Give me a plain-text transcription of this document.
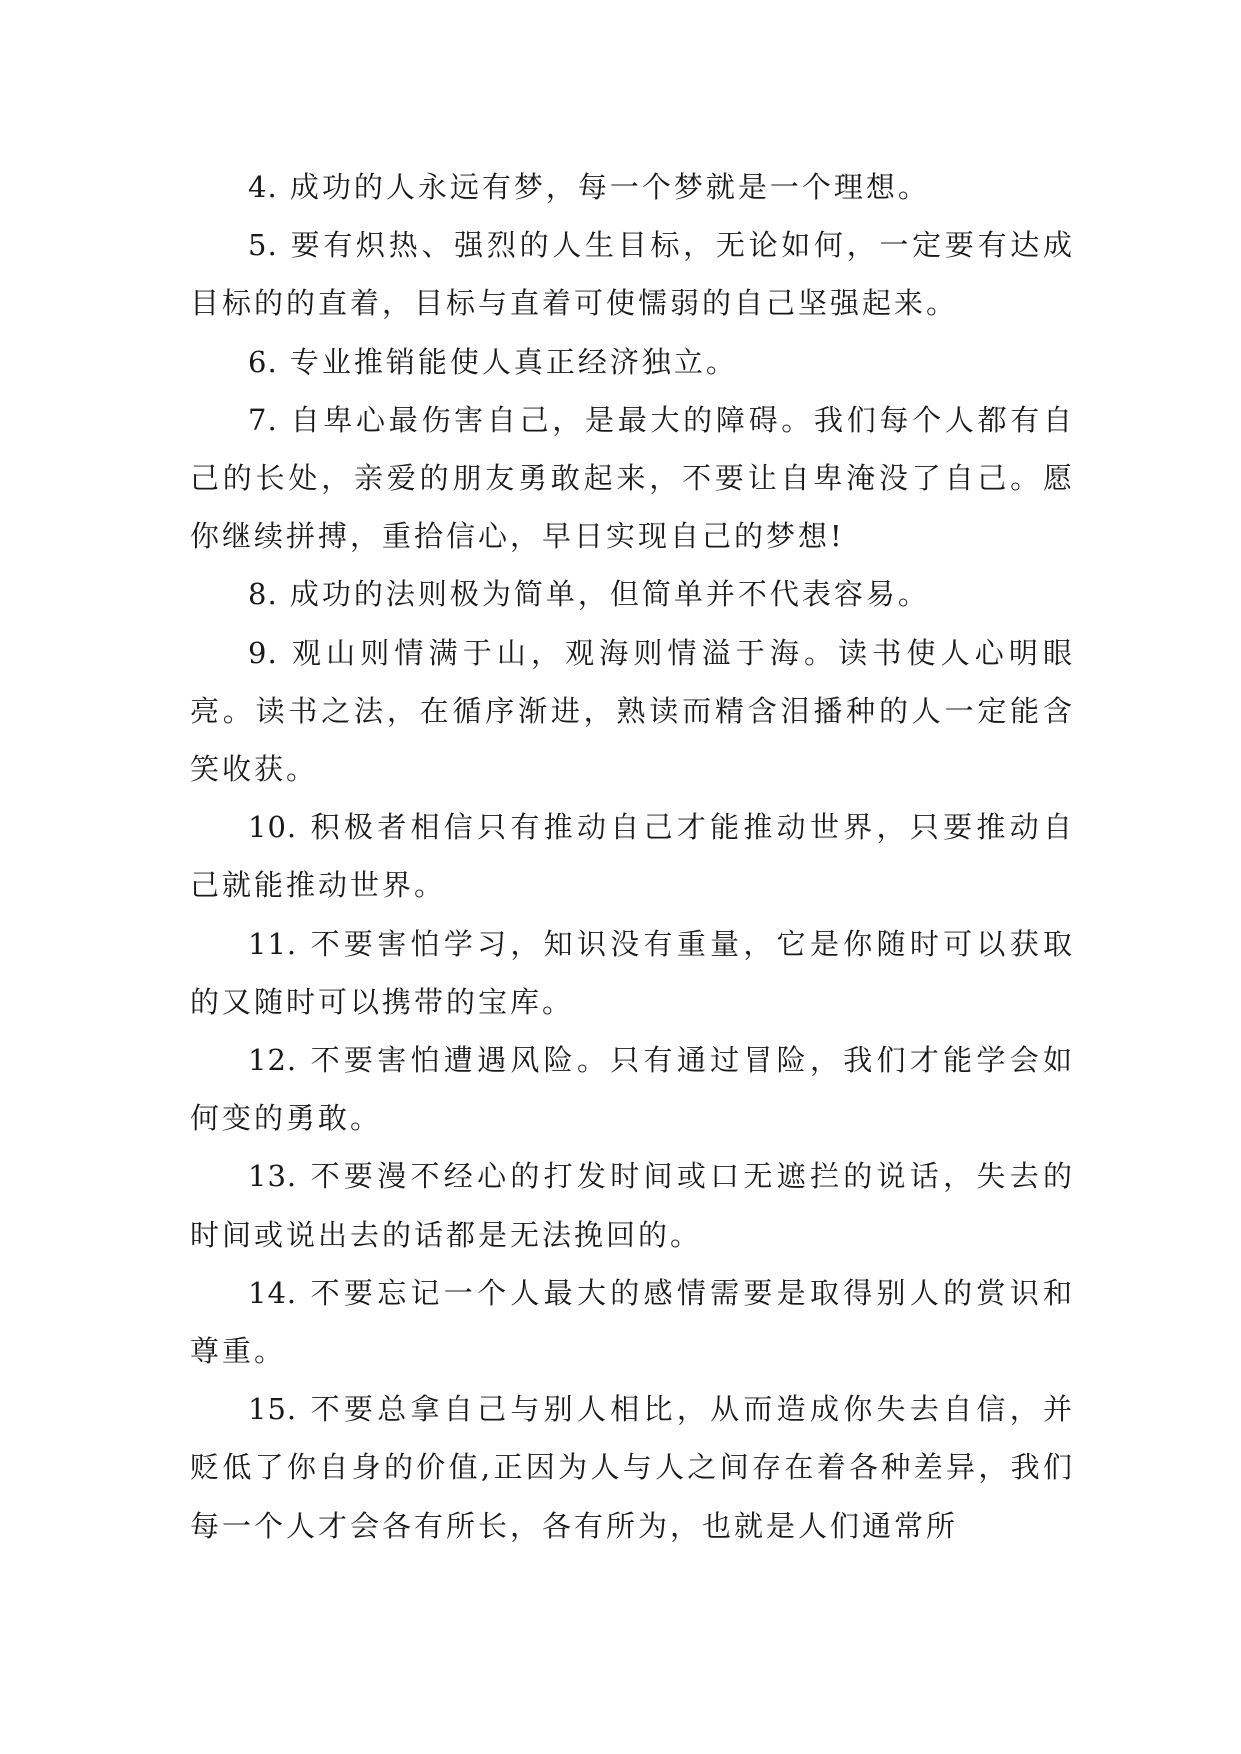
4. 成功的人永远有梦，每一个梦就是一个理想。

5. 要有炽热、强烈的人生目标，无论如何，一定要有达成目标的的直着，目标与直着可使懦弱的自己坚强起来。

6. 专业推销能使人真正经济独立。

7. 自卑心最伤害自己，是最大的障碍。我们每个人都有自己的长处，亲爱的朋友勇敢起来，不要让自卑淹没了自己。愿你继续拼搏，重拾信心，早日实现自己的梦想!

8. 成功的法则极为简单，但简单并不代表容易。

9. 观山则情满于山，观海则情溢于海。读书使人心明眼亮。读书之法，在循序渐进，熟读而精含泪播种的人一定能含笑收获。

10. 积极者相信只有推动自己才能推动世界，只要推动自己就能推动世界。

11. 不要害怕学习，知识没有重量，它是你随时可以获取的又随时可以携带的宝库。

12. 不要害怕遭遇风险。只有通过冒险，我们才能学会如何变的勇敢。

13. 不要漫不经心的打发时间或口无遮拦的说话，失去的时间或说出去的话都是无法挽回的。

14. 不要忘记一个人最大的感情需要是取得别人的赏识和尊重。

15. 不要总拿自己与别人相比，从而造成你失去自信，并贬低了你自身的价值,正因为人与人之间存在着各种差异，我们每一个人才会各有所长，各有所为，也就是人们通常所
